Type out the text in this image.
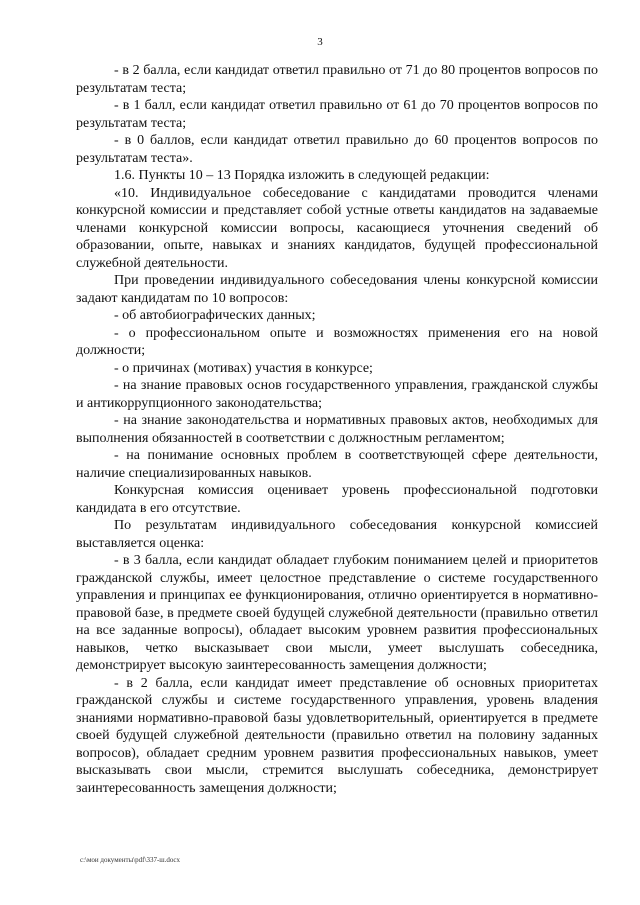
3

- в 2 балла, если кандидат ответил правильно от 71 до 80 процентов вопросов по результатам теста;

- в 1 балл, если кандидат ответил правильно от 61 до 70 процентов вопросов по результатам теста;

- в 0 баллов, если кандидат ответил правильно до 60 процентов вопросов по результатам теста».

1.6. Пункты 10 – 13 Порядка изложить в следующей редакции:

«10. Индивидуальное собеседование с кандидатами проводится членами конкурсной комиссии и представляет собой устные ответы кандидатов на задаваемые членами конкурсной комиссии вопросы, касающиеся уточнения сведений об образовании, опыте, навыках и знаниях кандидатов, будущей профессиональной служебной деятельности.

При проведении индивидуального собеседования члены конкурсной комиссии задают кандидатам по 10 вопросов:

- об автобиографических данных;

- о профессиональном опыте и возможностях применения его на новой должности;

- о причинах (мотивах) участия в конкурсе;

- на знание правовых основ государственного управления, гражданской службы и антикоррупционного законодательства;

- на знание законодательства и нормативных правовых актов, необходимых для выполнения обязанностей в соответствии с должностным регламентом;

- на понимание основных проблем в соответствующей сфере деятельности, наличие специализированных навыков.

Конкурсная комиссия оценивает уровень профессиональной подготовки кандидата в его отсутствие.

По результатам индивидуального собеседования конкурсной комиссией выставляется оценка:

- в 3 балла, если кандидат обладает глубоким пониманием целей и приоритетов гражданской службы, имеет целостное представление о системе государственного управления и принципах ее функционирования, отлично ориентируется в нормативно-правовой базе, в предмете своей будущей служебной деятельности (правильно ответил на все заданные вопросы), обладает высоким уровнем развития профессиональных навыков, четко высказывает свои мысли, умеет выслушать собеседника, демонстрирует высокую заинтересованность замещения должности;

- в 2 балла, если кандидат имеет представление об основных приоритетах гражданской службы и системе государственного управления, уровень владения знаниями нормативно-правовой базы удовлетворительный, ориентируется в предмете своей будущей служебной деятельности (правильно ответил на половину заданных вопросов), обладает средним уровнем развития профессиональных навыков, умеет высказывать свои мысли, стремится выслушать собеседника, демонстрирует заинтересованность замещения должности;

c:\мои документы\pdf\337-ш.docx
